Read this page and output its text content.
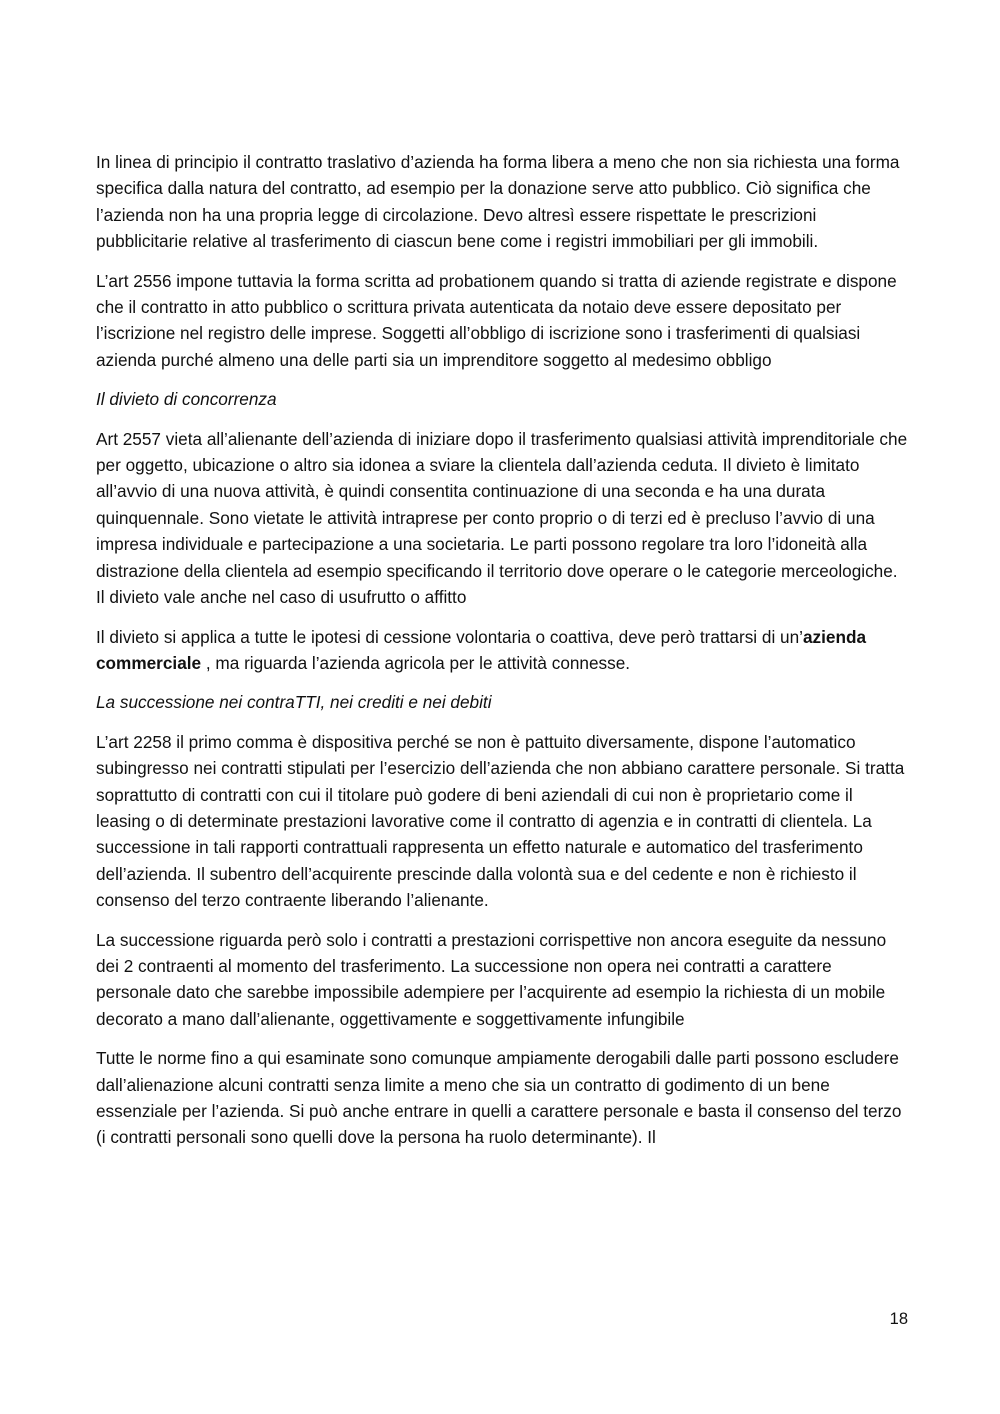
In linea di principio il contratto traslativo d’azienda ha forma libera a meno che non sia richiesta una forma specifica dalla natura del contratto, ad esempio per la donazione serve atto pubblico. Ciò significa che l’azienda non ha una propria legge di circolazione. Devo altresì essere rispettate le prescrizioni pubblicitarie relative al trasferimento di ciascun bene come i registri immobiliari per gli immobili.

L’art 2556 impone tuttavia la forma scritta ad probationem quando si tratta di aziende registrate e dispone che il contratto in atto pubblico o scrittura privata autenticata da notaio deve essere depositato per l’iscrizione nel registro delle imprese. Soggetti all’obbligo di iscrizione sono i trasferimenti di qualsiasi azienda purché almeno una delle parti sia un imprenditore soggetto al medesimo obbligo

Il divieto di concorrenza

Art 2557 vieta all’alienante dell’azienda di iniziare dopo il trasferimento qualsiasi attività imprenditoriale che per oggetto, ubicazione o altro sia idonea a sviare la clientela dall’azienda ceduta. Il divieto è limitato all’avvio di una nuova attività, è quindi consentita continuazione di una seconda e ha una durata quinquennale. Sono vietate le attività intraprese per conto proprio o di terzi ed è precluso l’avvio di una impresa individuale e partecipazione a una societaria. Le parti possono regolare tra loro l’idoneità alla distrazione della clientela ad esempio specificando il territorio dove operare o le categorie merceologiche. Il divieto vale anche nel caso di usufrutto o affitto

Il divieto si applica a tutte le ipotesi di cessione volontaria o coattiva, deve però trattarsi di un’azienda commerciale , ma riguarda l’azienda agricola per le attività connesse.

La successione nei contraTTI, nei crediti e nei debiti

L’art 2258 il primo comma è dispositiva perché se non è pattuito diversamente, dispone l’automatico subingresso nei contratti stipulati per l’esercizio dell’azienda che non abbiano carattere personale. Si tratta soprattutto di contratti con cui il titolare può godere di beni aziendali di cui non è proprietario come il leasing o di determinate prestazioni lavorative come il contratto di agenzia e in contratti di clientela. La successione in tali rapporti contrattuali rappresenta un effetto naturale e automatico del trasferimento dell’azienda. Il subentro dell’acquirente prescinde dalla volontà sua e del cedente e non è richiesto il consenso del terzo contraente liberando l’alienante.

La successione riguarda però solo i contratti a prestazioni corrispettive non ancora eseguite da nessuno dei 2 contraenti al momento del trasferimento. La successione non opera nei contratti a carattere personale dato che sarebbe impossibile adempiere per l’acquirente ad esempio la richiesta di un mobile decorato a mano dall’alienante, oggettivamente e soggettivamente infungibile

Tutte le norme fino a qui esaminate sono comunque ampiamente derogabili dalle parti possono escludere dall’alienazione alcuni contratti senza limite a meno che sia un contratto di godimento di un bene essenziale per l’azienda. Si può anche entrare in quelli a carattere personale e basta il consenso del terzo (i contratti personali sono quelli dove la persona ha ruolo determinante). Il

18
